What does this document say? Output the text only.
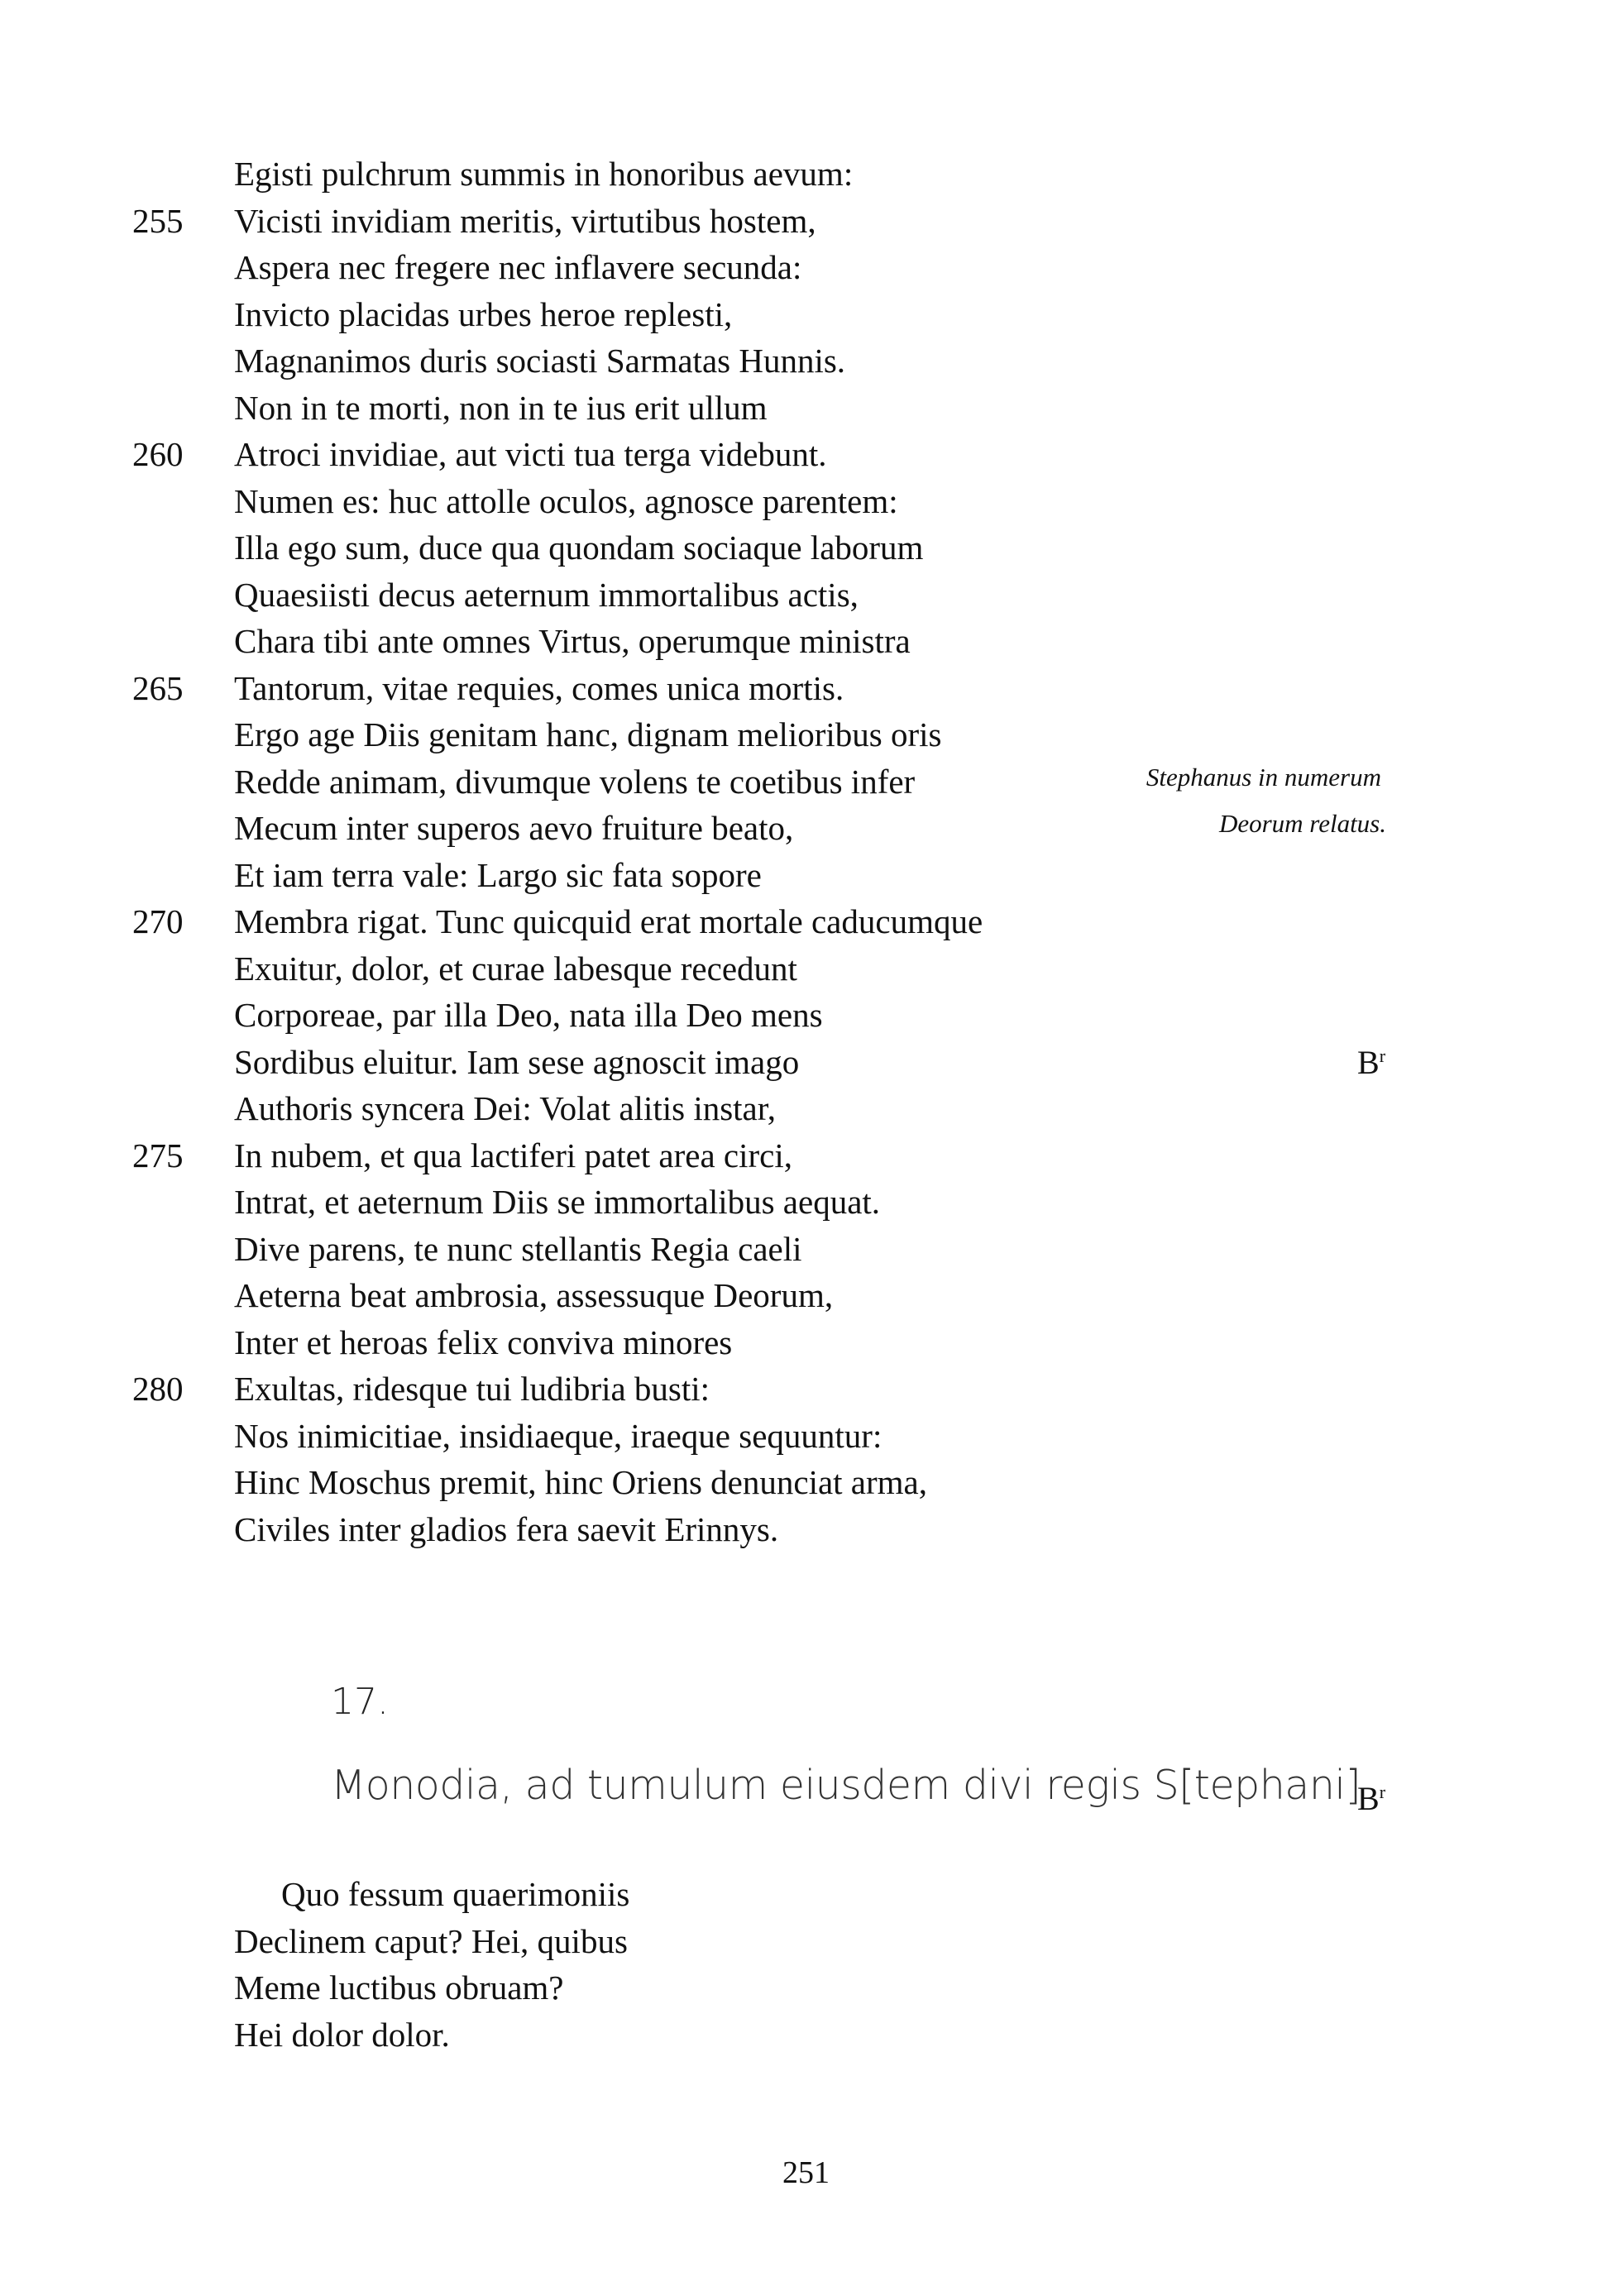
Egisti pulchrum summis in honoribus aevum:
255	Vicisti invidiam meritis, virtutibus hostem,
Aspera nec fregere nec inflavere secunda:
Invicto placidas urbes heroe replesti,
Magnanimos duris sociasti Sarmatas Hunnis.
Non in te morti, non in te ius erit ullum
260	Atroci invidiae, aut victi tua terga videbunt.
Numen es: huc attolle oculos, agnosce parentem:
Illa ego sum, duce qua quondam sociaque laborum
Quaesiisti decus aeternum immortalibus actis,
Chara tibi ante omnes Virtus, operumque ministra
265	Tantorum, vitae requies, comes unica mortis.
Ergo age Diis genitam hanc, dignam melioribus oris
Redde animam, divumque volens te coetibus infer
Mecum inter superos aevo fruiture beato,
Et iam terra vale: Largo sic fata sopore
270	Membra rigat. Tunc quicquid erat mortale caducumque
Exuitur, dolor, et curae labesque recedunt
Corporeae, par illa Deo, nata illa Deo mens
Sordibus eluitur. Iam sese agnoscit imago
Authoris syncera Dei: Volat alitis instar,
275	In nubem, et qua lactiferi patet area circi,
Intrat, et aeternum Diis se immortalibus aequat.
Dive parens, te nunc stellantis Regia caeli
Aeterna beat ambrosia, assessuque Deorum,
Inter et heroas felix conviva minores
280	Exultas, ridesque tui ludibria busti:
Nos inimicitiae, insidiaeque, iraeque sequuntur:
Hinc Moschus premit, hinc Oriens denunciat arma,
Civiles inter gladios fera saevit Erinnys.
Stephanus in numerum
Deorum relatus.
$B^r$
17.
Monodia, ad tumulum eiusdem divi regis S[tephani]
$B^r$
Quo fessum quaerimoniis
Declinem caput? Hei, quibus
Meme luctibus obruam?
Hei dolor dolor.
251
